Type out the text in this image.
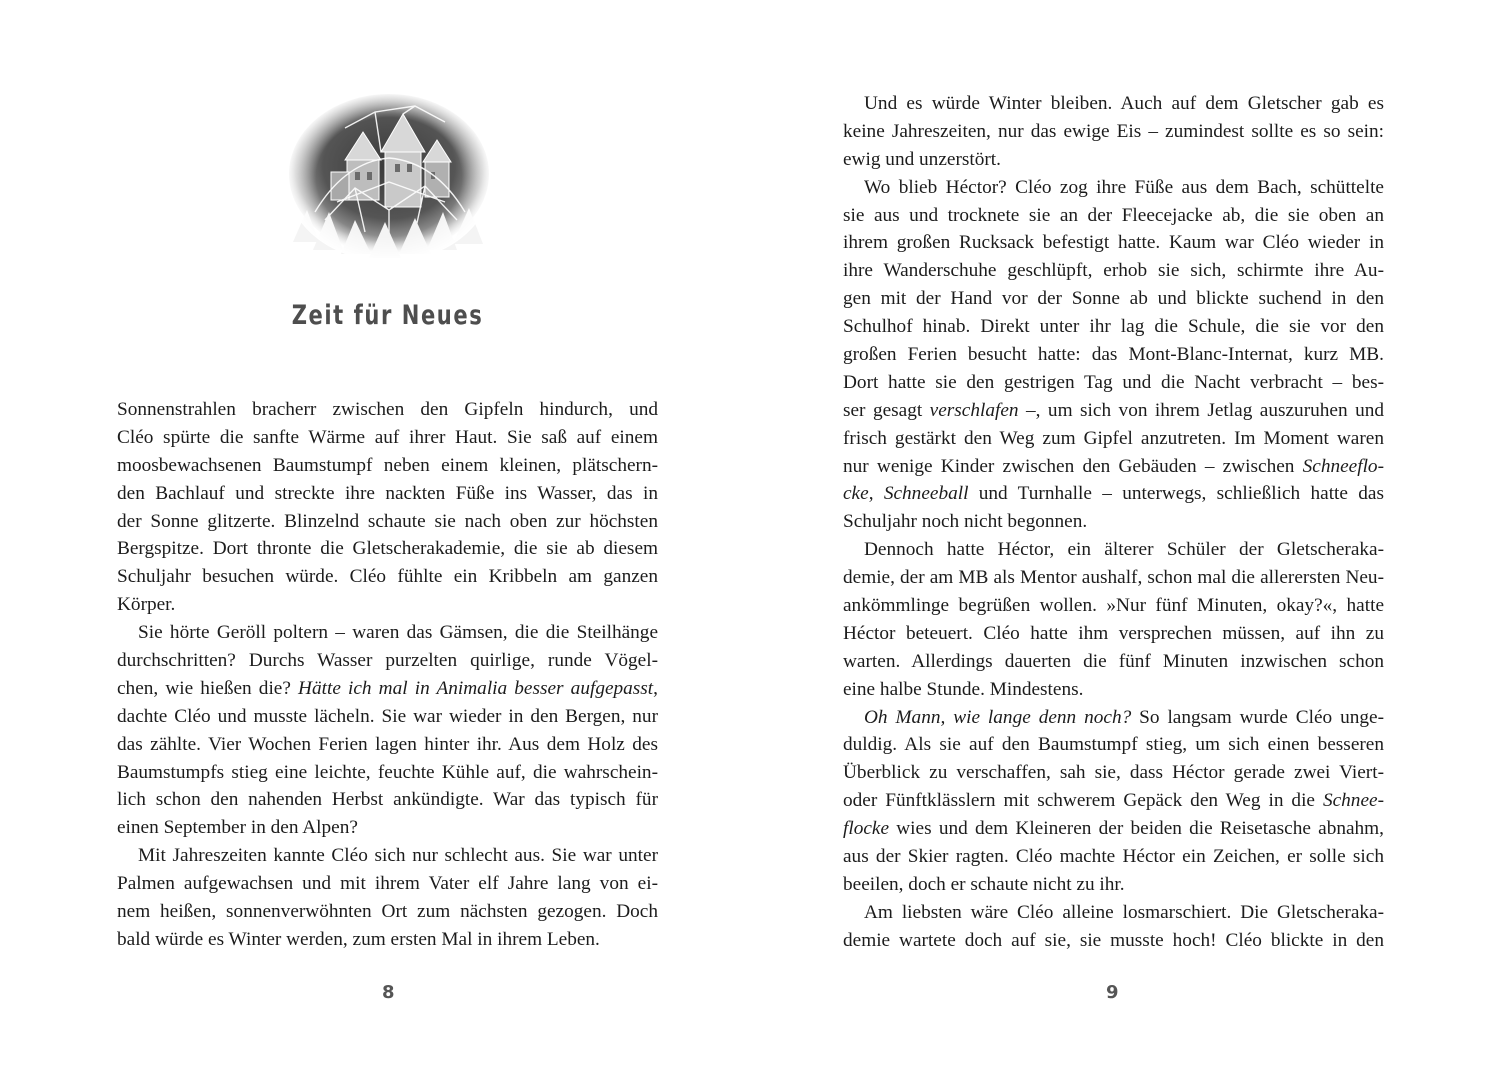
Zeit für Neues
Sonnenstrahlen bracherr zwischen den Gipfeln hindurch, und
Cléo spürte die sanfte Wärme auf ihrer Haut. Sie saß auf einem
moosbewachsenen Baumstumpf neben einem kleinen, plätschern-
den Bachlauf und streckte ihre nackten Füße ins Wasser, das in
der Sonne glitzerte. Blinzelnd schaute sie nach oben zur höchsten
Bergspitze. Dort thronte die Gletscherakademie, die sie ab diesem
Schuljahr besuchen würde. Cléo fühlte ein Kribbeln am ganzen
Körper.
Sie hörte Geröll poltern – waren das Gämsen, die die Steilhänge
durchschritten? Durchs Wasser purzelten quirlige, runde Vögel-
chen, wie hießen die? Hätte ich mal in Animalia besser aufgepasst,
dachte Cléo und musste lächeln. Sie war wieder in den Bergen, nur
das zählte. Vier Wochen Ferien lagen hinter ihr. Aus dem Holz des
Baumstumpfs stieg eine leichte, feuchte Kühle auf, die wahrschein-
lich schon den nahenden Herbst ankündigte. War das typisch für
einen September in den Alpen?
Mit Jahreszeiten kannte Cléo sich nur schlecht aus. Sie war unter
Palmen aufgewachsen und mit ihrem Vater elf Jahre lang von ei-
nem heißen, sonnenverwöhnten Ort zum nächsten gezogen. Doch
bald würde es Winter werden, zum ersten Mal in ihrem Leben.
8
Und es würde Winter bleiben. Auch auf dem Gletscher gab es
keine Jahreszeiten, nur das ewige Eis – zumindest sollte es so sein:
ewig und unzerstört.
Wo blieb Héctor? Cléo zog ihre Füße aus dem Bach, schüttelte
sie aus und trocknete sie an der Fleecejacke ab, die sie oben an
ihrem großen Rucksack befestigt hatte. Kaum war Cléo wieder in
ihre Wanderschuhe geschlüpft, erhob sie sich, schirmte ihre Au-
gen mit der Hand vor der Sonne ab und blickte suchend in den
Schulhof hinab. Direkt unter ihr lag die Schule, die sie vor den
großen Ferien besucht hatte: das Mont-Blanc-Internat, kurz MB.
Dort hatte sie den gestrigen Tag und die Nacht verbracht – bes-
ser gesagt verschlafen –, um sich von ihrem Jetlag auszuruhen und
frisch gestärkt den Weg zum Gipfel anzutreten. Im Moment waren
nur wenige Kinder zwischen den Gebäuden – zwischen Schneeflo-
cke, Schneeball und Turnhalle – unterwegs, schließlich hatte das
Schuljahr noch nicht begonnen.
Dennoch hatte Héctor, ein älterer Schüler der Gletscheraka-
demie, der am MB als Mentor aushalf, schon mal die allerersten Neu-
ankömmlinge begrüßen wollen. »Nur fünf Minuten, okay?«, hatte
Héctor beteuert. Cléo hatte ihm versprechen müssen, auf ihn zu
warten. Allerdings dauerten die fünf Minuten inzwischen schon
eine halbe Stunde. Mindestens.
Oh Mann, wie lange denn noch? So langsam wurde Cléo unge-
duldig. Als sie auf den Baumstumpf stieg, um sich einen besseren
Überblick zu verschaffen, sah sie, dass Héctor gerade zwei Viert-
oder Fünftklässlern mit schwerem Gepäck den Weg in die Schnee-
flocke wies und dem Kleineren der beiden die Reisetasche abnahm,
aus der Skier ragten. Cléo machte Héctor ein Zeichen, er solle sich
beeilen, doch er schaute nicht zu ihr.
Am liebsten wäre Cléo alleine losmarschiert. Die Gletscheraka-
demie wartete doch auf sie, sie musste hoch! Cléo blickte in den
9
